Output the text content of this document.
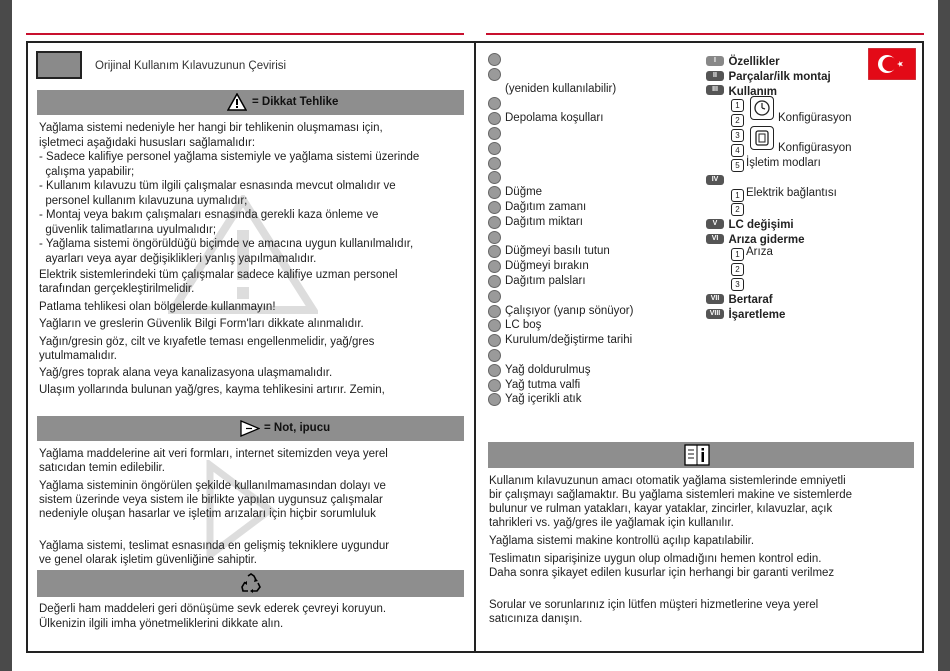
Orijinal Kullanım Kılavuzunun Çevirisi
= Dikkat Tehlike
Yağlama sistemi nedeniyle her hangi bir tehlikenin oluşmaması için,
işletmeci aşağıdaki hususları sağlamalıdır:
- Sadece kalifiye personel yağlama sistemiyle ve yağlama sistemi üzerinde
çalışma yapabilir;
- Kullanım kılavuzu tüm ilgili çalışmalar esnasında mevcut olmalıdır ve
personel kullanım kılavuzuna uymalıdır;
- Montaj veya bakım çalışmaları esnasında gerekli kaza önleme ve
güvenlik talimatlarına uyulmalıdır;
- Yağlama sistemi öngörüldüğü biçimde ve amacına uygun kullanılmalıdır,
ayarları veya ayar değişiklikleri yanlış yapılmamalıdır.
Elektrik sistemlerindeki tüm çalışmalar sadece kalifiye uzman personel
tarafından gerçekleştirilmelidir.
Patlama tehlikesi olan bölgelerde kullanmayın!
Yağların ve greslerin Güvenlik Bilgi Form'ları dikkate alınmalıdır.
Yağın/gresin göz, cilt ve kıyafetle teması engellenmelidir, yağ/gres
yutulmamalıdır.
Yağ/gres toprak alana veya kanalizasyona ulaşmamalıdır.
Ulaşım yollarında bulunan yağ/gres, kayma tehlikesini artırır. Zemin,
= Not, ipucu
Yağlama maddelerine ait veri formları, internet sitemizden veya yerel
satıcıdan temin edilebilir.
Yağlama sisteminin öngörülen şekilde kullanılmamasından dolayı ve
sistem üzerinde veya sistem ile birlikte yapılan uygunsuz çalışmalar
nedeniyle oluşan hasarlar ve işletim arızaları için hiçbir sorumluluk
Yağlama sistemi, teslimat esnasında en gelişmiş tekniklere uygundur
ve genel olarak işletim güvenliğine sahiptir.
Değerli ham maddeleri geri dönüşüme sevk ederek çevreyi koruyun.
Ülkenizin ilgili imha yönetmeliklerini dikkate alın.
(yeniden kullanılabilir)
Depolama koşulları
Düğme
Dağıtım zamanı
Dağıtım miktarı
Düğmeyi basılı tutun
Düğmeyi bırakın
Dağıtım palsları
Çalışıyor (yanıp sönüyor)
LC boş
Kurulum/değiştirme tarihi
Yağ doldurulmuş
Yağ tutma valfi
Yağ içerikli atık
I Özellikler
II Parçalar/ilk montaj
III Kullanım
1
2	Konfigürasyon
3
4	Konfigürasyon
5 İşletim modları
IV
1 Elektrik bağlantısı
2
V LC değişimi
VI Arıza giderme
1 Arıza
2
3
VII Bertaraf
VIII İşaretleme
Kullanım kılavuzunun amacı otomatik yağlama sistemlerinde emniyetli
bir çalışmayı sağlamaktır. Bu yağlama sistemleri makine ve sistemlerde
bulunur ve rulman yatakları, kayar yataklar, zincirler, kılavuzlar, açık
tahrikleri vs. yağ/gres ile yağlamak için kullanılır.
Yağlama sistemi makine kontrollü açılıp kapatılabilir.
Teslimatın siparişinize uygun olup olmadığını hemen kontrol edin.
Daha sonra şikayet edilen kusurlar için herhangi bir garanti verilmez
Sorular ve sorunlarınız için lütfen müşteri hizmetlerine veya yerel
satıcınıza danışın.
